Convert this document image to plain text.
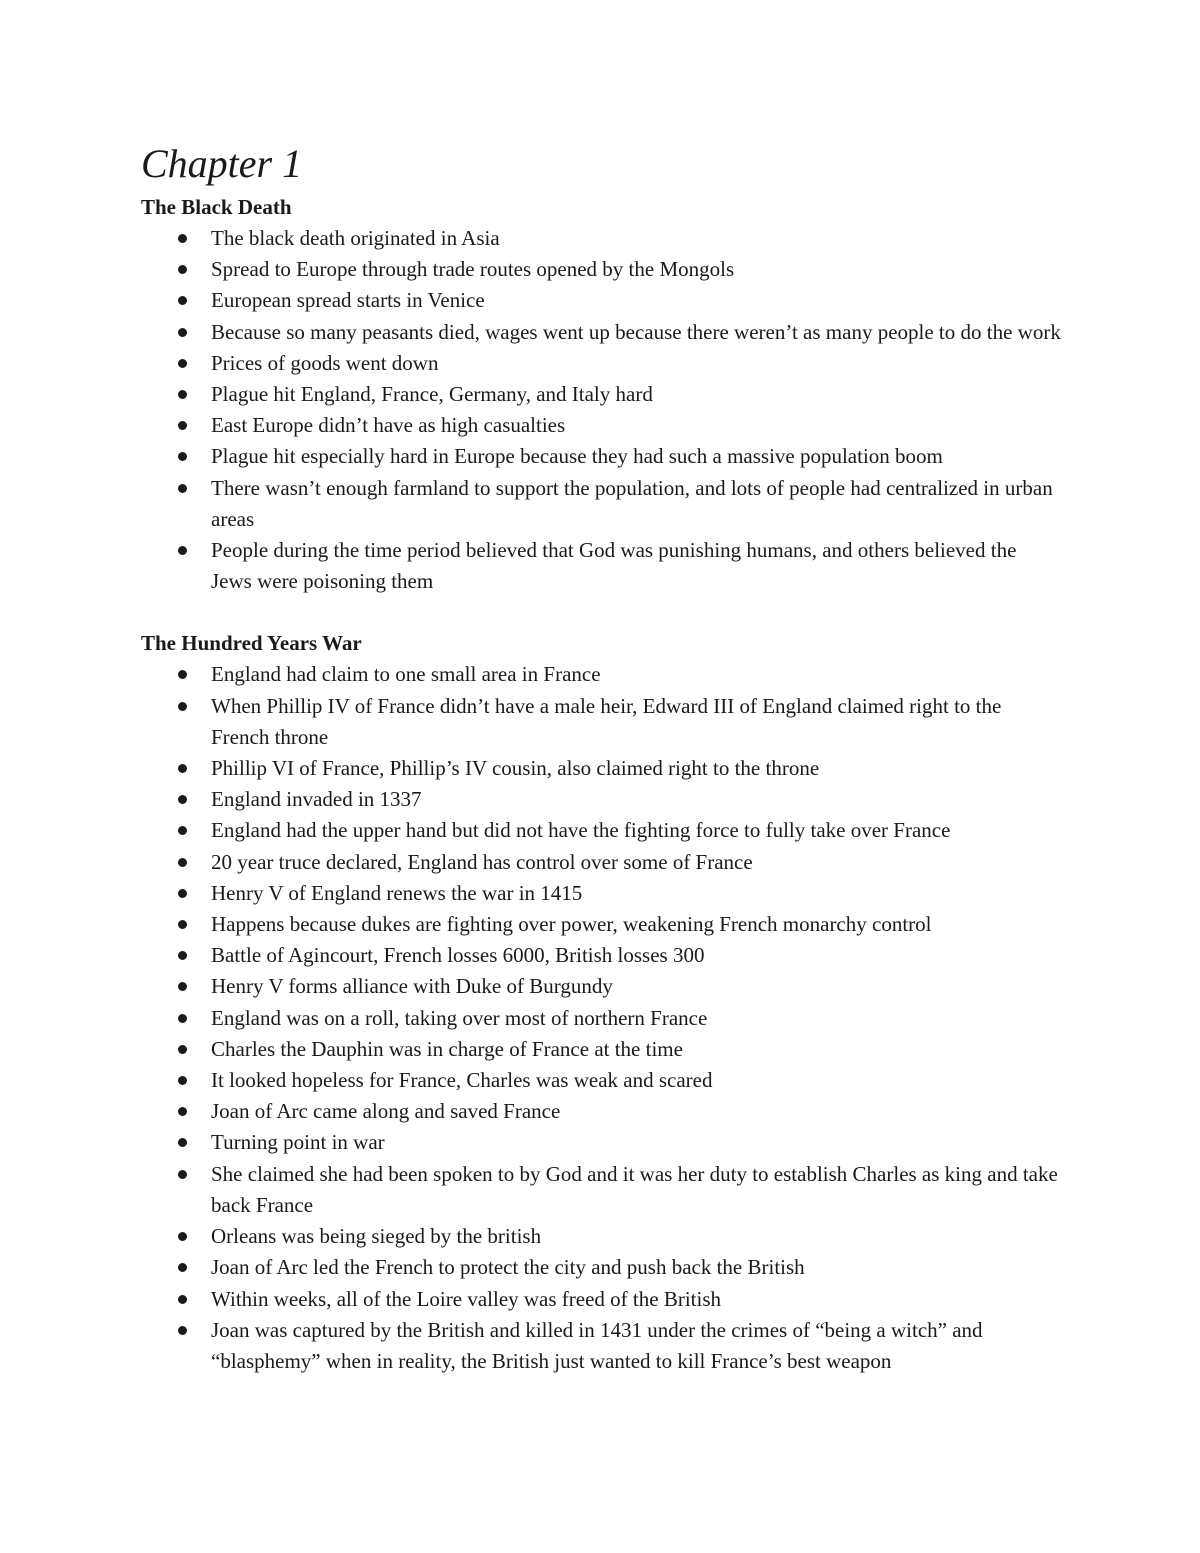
Chapter 1
The Black Death
The black death originated in Asia
Spread to Europe through trade routes opened by the Mongols
European spread starts in Venice
Because so many peasants died, wages went up because there weren’t as many people to do the work
Prices of goods went down
Plague hit England, France, Germany, and Italy hard
East Europe didn’t have as high casualties
Plague hit especially hard in Europe because they had such a massive population boom
There wasn’t enough farmland to support the population, and lots of people had centralized in urban areas
People during the time period believed that God was punishing humans, and others believed the Jews were poisoning them
The Hundred Years War
England had claim to one small area in France
When Phillip IV of France didn’t have a male heir, Edward III of England claimed right to the French throne
Phillip VI of France, Phillip’s IV cousin, also claimed right to the throne
England invaded in 1337
England had the upper hand but did not have the fighting force to fully take over France
20 year truce declared, England has control over some of France
Henry V of England renews the war in 1415
Happens because dukes are fighting over power, weakening French monarchy control
Battle of Agincourt, French losses 6000, British losses 300
Henry V forms alliance with Duke of Burgundy
England was on a roll, taking over most of northern France
Charles the Dauphin was in charge of France at the time
It looked hopeless for France, Charles was weak and scared
Joan of Arc came along and saved France
Turning point in war
She claimed she had been spoken to by God and it was her duty to establish Charles as king and take back France
Orleans was being sieged by the british
Joan of Arc led the French to protect the city and push back the British
Within weeks, all of the Loire valley was freed of the British
Joan was captured by the British and killed in 1431 under the crimes of “being a witch” and “blasphemy” when in reality, the British just wanted to kill France’s best weapon
